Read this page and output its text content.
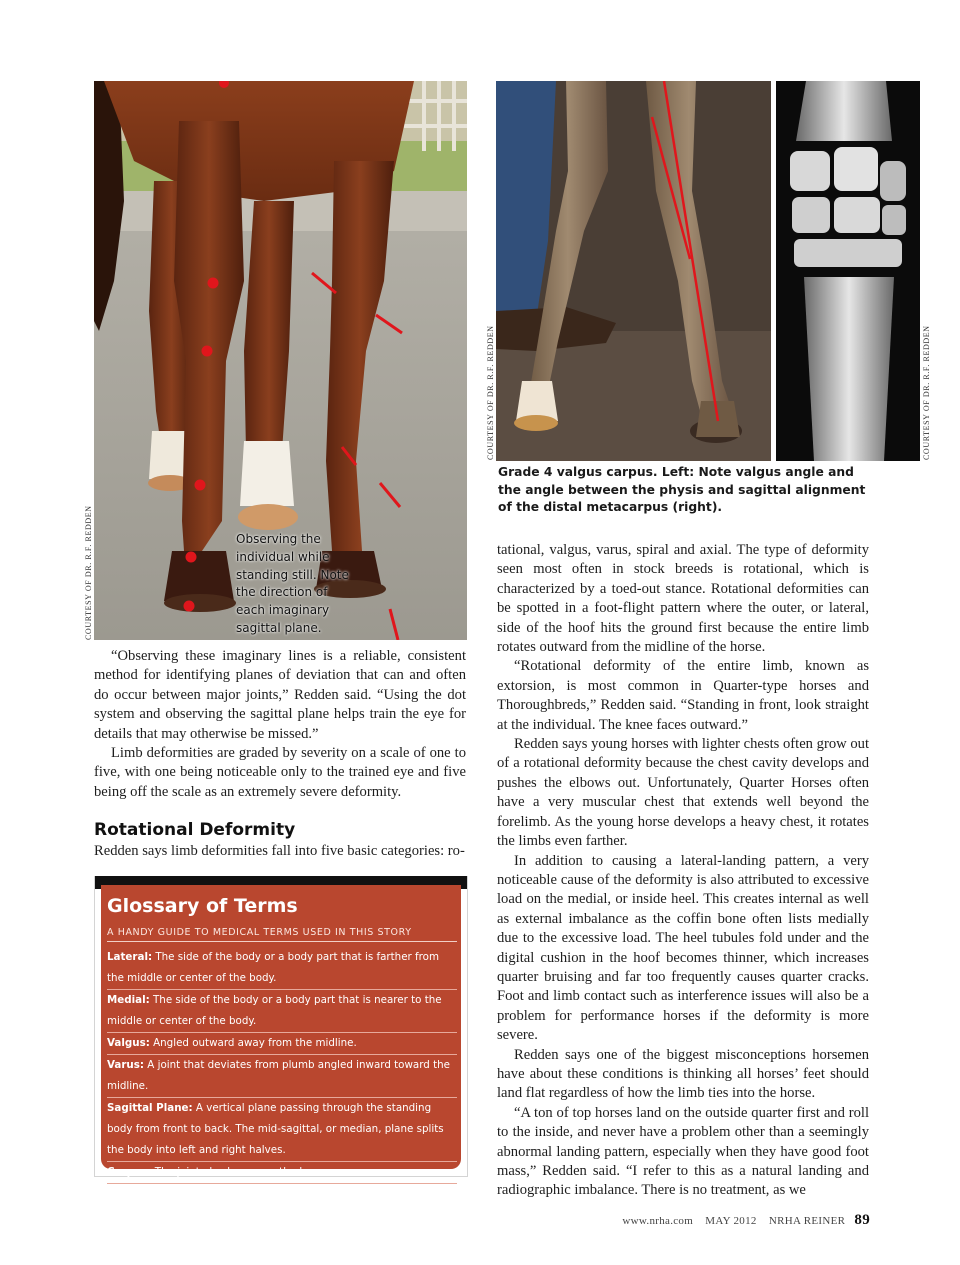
COURTESY OF DR. R.F. REDDEN	Observing the individual while standing still. Note the direction of each imaginary sagittal plane.
COURTESY OF DR. R.F. REDDEN	COURTESY OF DR. R.F. REDDEN
Grade 4 valgus carpus. Left: Note valgus angle and the angle between the physis and sagittal alignment of the distal metacarpus (right).

“Observing these imaginary lines is a reliable, consistent method for identifying planes of deviation that can and often do occur between major joints,” Redden said. “Using the dot system and observing the sagittal plane helps train the eye for details that may otherwise be missed.”

Limb deformities are graded by severity on a scale of one to five, with one being noticeable only to the trained eye and five being off the scale as an extremely severe deformity.

Rotational Deformity

Redden says limb deformities fall into five basic categories: ro-

Glossary of Terms
A HANDY GUIDE TO MEDICAL TERMS USED IN THIS STORY
Lateral: The side of the body or a body part that is farther from the middle or center of the body.
Medial: The side of the body or a body part that is nearer to the middle or center of the body.
Valgus: Angled outward away from the midline.
Varus: A joint that deviates from plumb angled inward toward the midline.
Sagittal Plane: A vertical plane passing through the standing body from front to back. The mid-sagittal, or median, plane splits the body into left and right halves.
Carpus: The joint also known as the knee.

tational, valgus, varus, spiral and axial. The type of deformity seen most often in stock breeds is rotational, which is characterized by a toed-out stance. Rotational deformities can be spotted in a foot-flight pattern where the outer, or lateral, side of the hoof hits the ground first because the entire limb rotates outward from the midline of the horse.

“Rotational deformity of the entire limb, known as extorsion, is most common in Quarter-type horses and Thoroughbreds,” Redden said. “Standing in front, look straight at the individual. The knee faces outward.”

Redden says young horses with lighter chests often grow out of a rotational deformity because the chest cavity develops and pushes the elbows out. Unfortunately, Quarter Horses often have a very muscular chest that extends well beyond the forelimb. As the young horse develops a heavy chest, it rotates the limbs even farther.

In addition to causing a lateral-landing pattern, a very noticeable cause of the deformity is also attributed to excessive load on the medial, or inside heel. This creates internal as well as external imbalance as the coffin bone often lists medially due to the excessive load. The heel tubules fold under and the digital cushion in the hoof becomes thinner, which increases quarter bruising and far too frequently causes quarter cracks. Foot and limb contact such as interference issues will also be a problem for performance horses if the deformity is more severe.

Redden says one of the biggest misconceptions horsemen have about these conditions is thinking all horses’ feet should land flat regardless of how the limb ties into the horse.

“A ton of top horses land on the outside quarter first and roll to the inside, and never have a problem other than a seemingly abnormal landing pattern, especially when they have good foot mass,” Redden said. “I refer to this as a natural landing and radiographic imbalance. There is no treatment, as we

www.nrha.com MAY 2012 NRHA REINER 89
